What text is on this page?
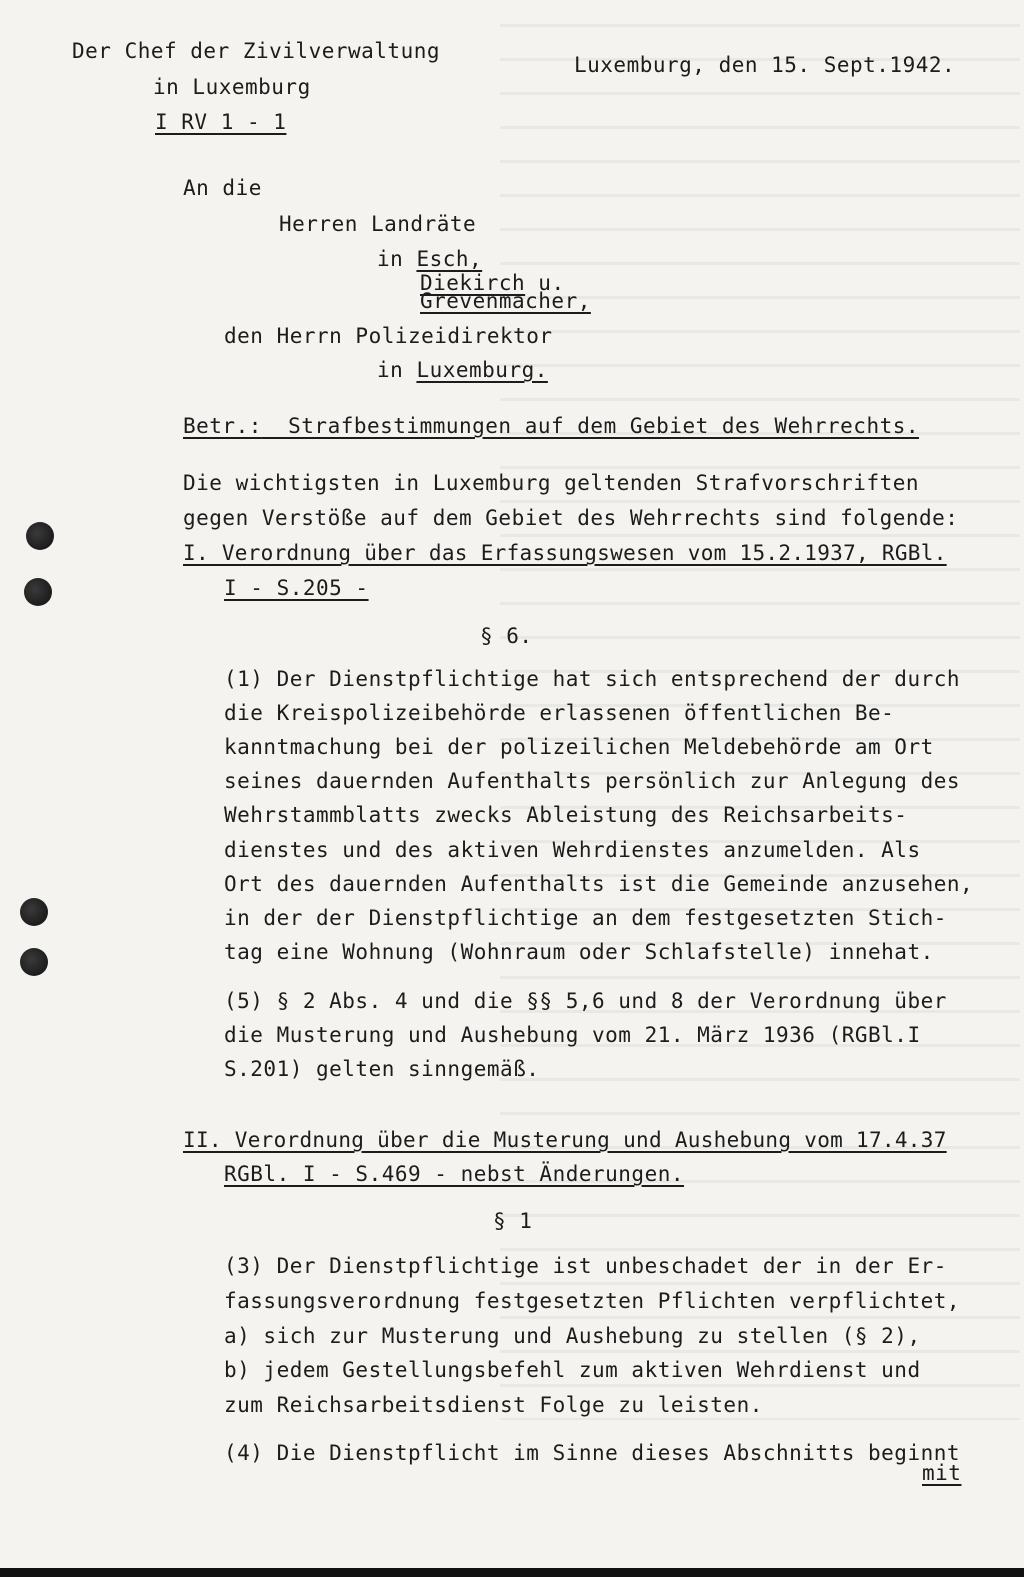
Der Chef der Zivilverwaltung
in Luxemburg
I RV 1 - 1
Luxemburg, den 15. Sept.1942.
An die
Herren Landräte
in Esch,
Diekirch u.
Grevenmacher,
den Herrn Polizeidirektor
in Luxemburg.
Betr.:  Strafbestimmungen auf dem Gebiet des Wehrrechts.
Die wichtigsten in Luxemburg geltenden Strafvorschriften
gegen Verstöße auf dem Gebiet des Wehrrechts sind folgende:
I. Verordnung über das Erfassungswesen vom 15.2.1937, RGBl.
I - S.205 -
§ 6.
(1) Der Dienstpflichtige hat sich entsprechend der durch
die Kreispolizeibehörde erlassenen öffentlichen Be-
kanntmachung bei der polizeilichen Meldebehörde am Ort
seines dauernden Aufenthalts persönlich zur Anlegung des
Wehrstammblatts zwecks Ableistung des Reichsarbeits-
dienstes und des aktiven Wehrdienstes anzumelden. Als
Ort des dauernden Aufenthalts ist die Gemeinde anzusehen,
in der der Dienstpflichtige an dem festgesetzten Stich-
tag eine Wohnung (Wohnraum oder Schlafstelle) innehat.
(5) § 2 Abs. 4 und die §§ 5,6 und 8 der Verordnung über
die Musterung und Aushebung vom 21. März 1936 (RGBl.I
S.201) gelten sinngemäß.
II. Verordnung über die Musterung und Aushebung vom 17.4.37
RGBl. I - S.469 - nebst Änderungen.
§ 1
(3) Der Dienstpflichtige ist unbeschadet der in der Er-
fassungsverordnung festgesetzten Pflichten verpflichtet,
a) sich zur Musterung und Aushebung zu stellen (§ 2),
b) jedem Gestellungsbefehl zum aktiven Wehrdienst und
zum Reichsarbeitsdienst Folge zu leisten.
(4) Die Dienstpflicht im Sinne dieses Abschnitts beginnt
mit
